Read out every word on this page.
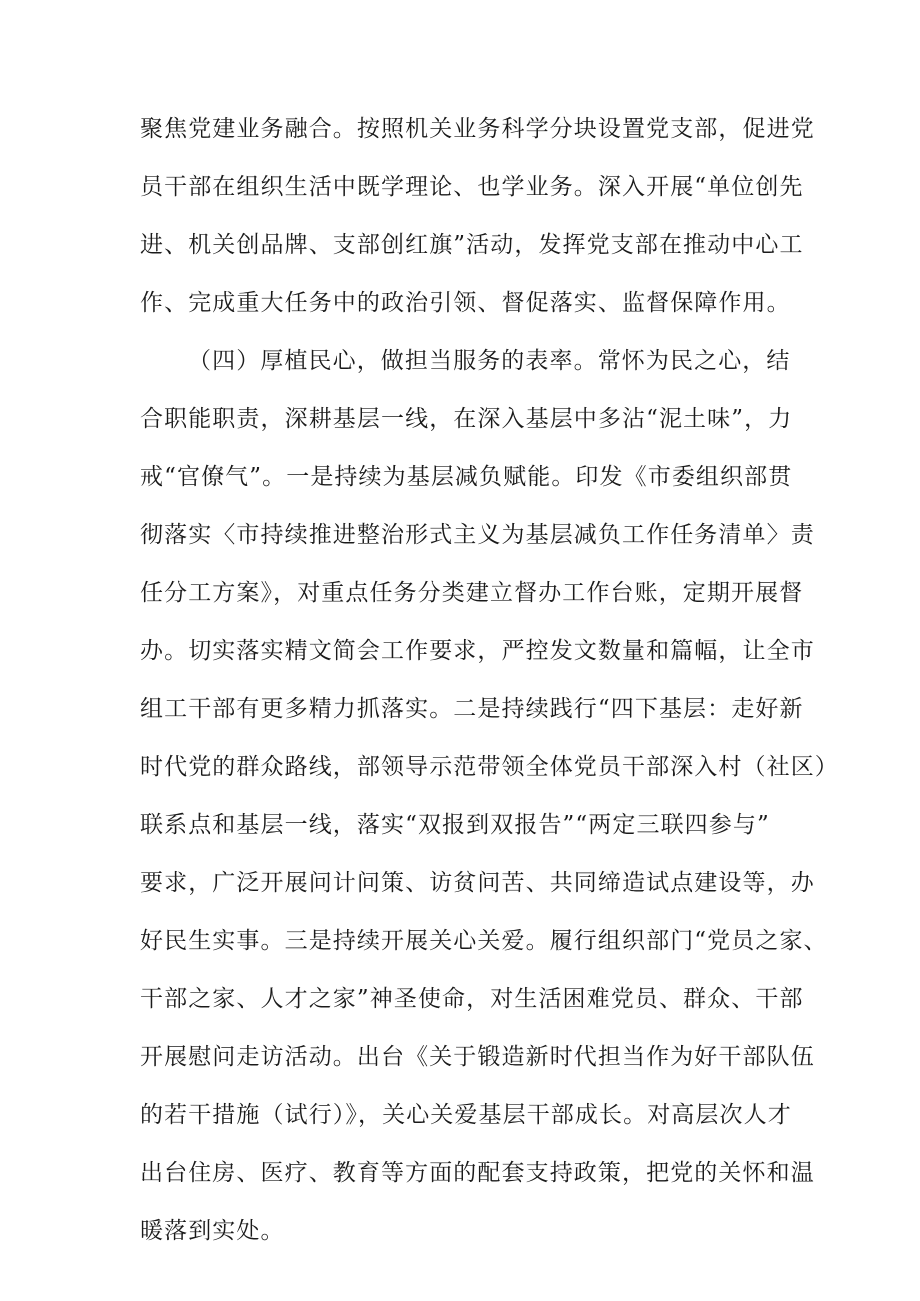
聚焦党建业务融合。按照机关业务科学分块设置党支部，促进党
员干部在组织生活中既学理论、也学业务。深入开展“单位创先
进、机关创品牌、支部创红旗”活动，发挥党支部在推动中心工
作、完成重大任务中的政治引领、督促落实、监督保障作用。
（四）厚植民心，做担当服务的表率。常怀为民之心，结
合职能职责，深耕基层一线，在深入基层中多沾“泥土味”，力
戒“官僚气”。一是持续为基层减负赋能。印发《市委组织部贯
彻落实〈市持续推进整治形式主义为基层减负工作任务清单〉责
任分工方案》，对重点任务分类建立督办工作台账，定期开展督
办。切实落实精文简会工作要求，严控发文数量和篇幅，让全市
组工干部有更多精力抓落实。二是持续践行“四下基层：走好新
时代党的群众路线，部领导示范带领全体党员干部深入村（社区）
联系点和基层一线，落实“双报到双报告”“两定三联四参与”
要求，广泛开展问计问策、访贫问苦、共同缔造试点建设等，办
好民生实事。三是持续开展关心关爱。履行组织部门“党员之家、
干部之家、人才之家”神圣使命，对生活困难党员、群众、干部
开展慰问走访活动。出台《关于锻造新时代担当作为好干部队伍
的若干措施（试行）》，关心关爱基层干部成长。对高层次人才
出台住房、医疗、教育等方面的配套支持政策，把党的关怀和温
暖落到实处。
